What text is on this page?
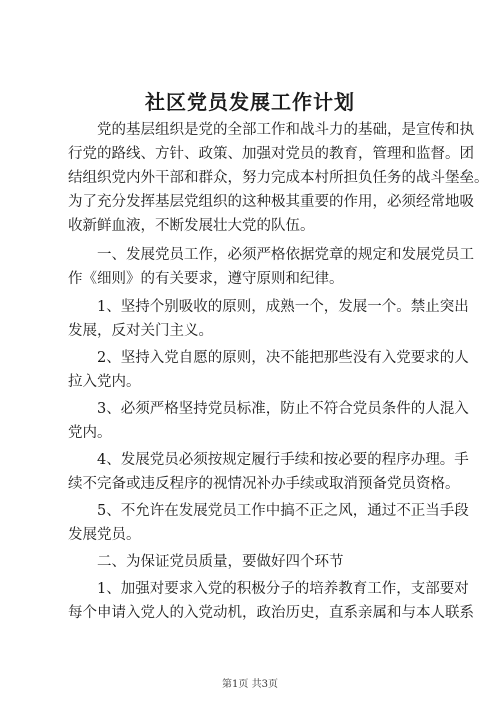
社区党员发展工作计划
党的基层组织是党的全部工作和战斗力的基础，是宣传和执
行党的路线、方针、政策、加强对党员的教育，管理和监督。团
结组织党内外干部和群众，努力完成本村所担负任务的战斗堡垒。
为了充分发挥基层党组织的这种极其重要的作用，必须经常地吸
收新鲜血液，不断发展壮大党的队伍。
一、发展党员工作，必须严格依据党章的规定和发展党员工
作《细则》的有关要求，遵守原则和纪律。
1、坚持个别吸收的原则，成熟一个，发展一个。禁止突出
发展，反对关门主义。
2、坚持入党自愿的原则，决不能把那些没有入党要求的人
拉入党内。
3、必须严格坚持党员标准，防止不符合党员条件的人混入
党内。
4、发展党员必须按规定履行手续和按必要的程序办理。手
续不完备或违反程序的视情况补办手续或取消预备党员资格。
5、不允许在发展党员工作中搞不正之风，通过不正当手段
发展党员。
二、为保证党员质量，要做好四个环节
1、加强对要求入党的积极分子的培养教育工作，支部要对
每个申请入党人的入党动机，政治历史，直系亲属和与本人联系
第1页 共3页
